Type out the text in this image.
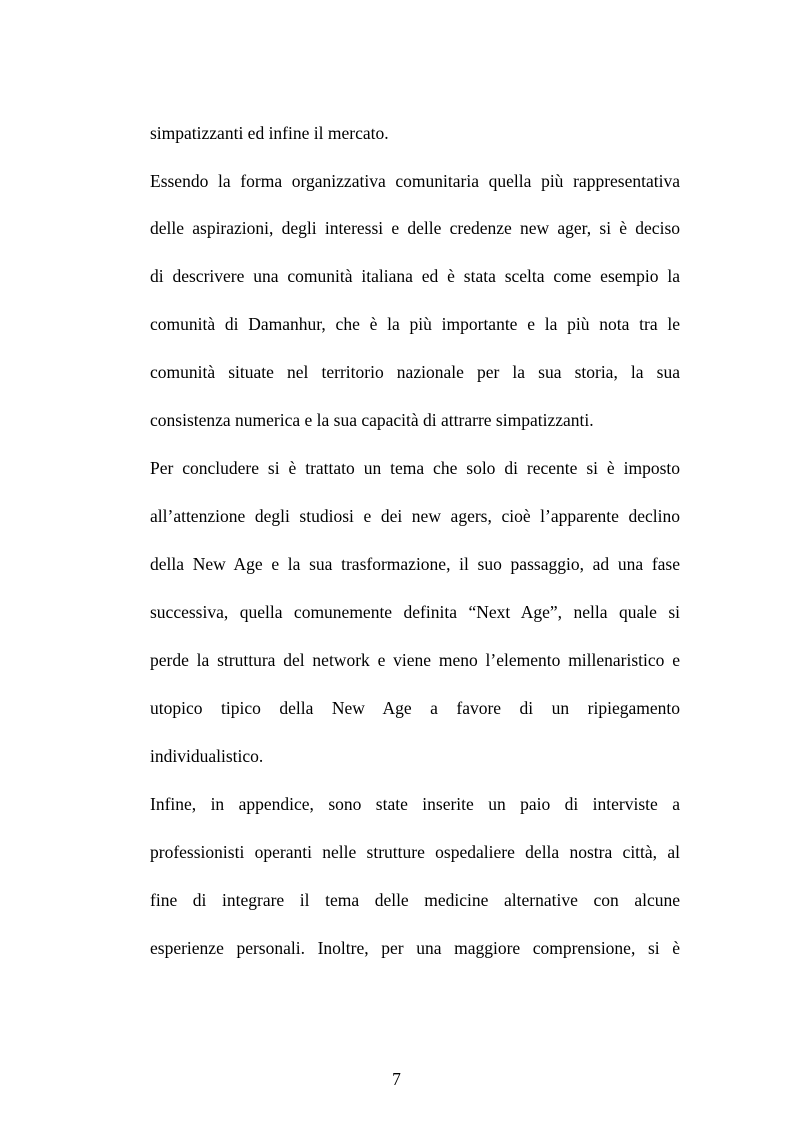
simpatizzanti ed infine il mercato.
Essendo la forma organizzativa comunitaria quella più rappresentativa
delle aspirazioni, degli interessi e delle credenze new ager, si è deciso
di descrivere una comunità italiana ed è stata scelta come esempio la
comunità di Damanhur, che è la più importante e la più nota tra le
comunità situate nel territorio nazionale per la sua storia, la sua
consistenza numerica e la sua capacità di attrarre simpatizzanti.
Per concludere si è trattato un tema che solo di recente si è imposto
all’attenzione degli studiosi e dei new agers, cioè l’apparente declino
della New Age e la sua trasformazione, il suo passaggio, ad una fase
successiva, quella comunemente definita “Next Age”, nella quale si
perde la struttura del network e viene meno l’elemento millenaristico e
utopico tipico della New Age a favore di un ripiegamento
individualistico.
Infine, in appendice, sono state inserite un paio di interviste a
professionisti operanti nelle strutture ospedaliere della nostra città, al
fine di integrare il tema delle medicine alternative con alcune
esperienze personali. Inoltre, per una maggiore comprensione, si è
7
